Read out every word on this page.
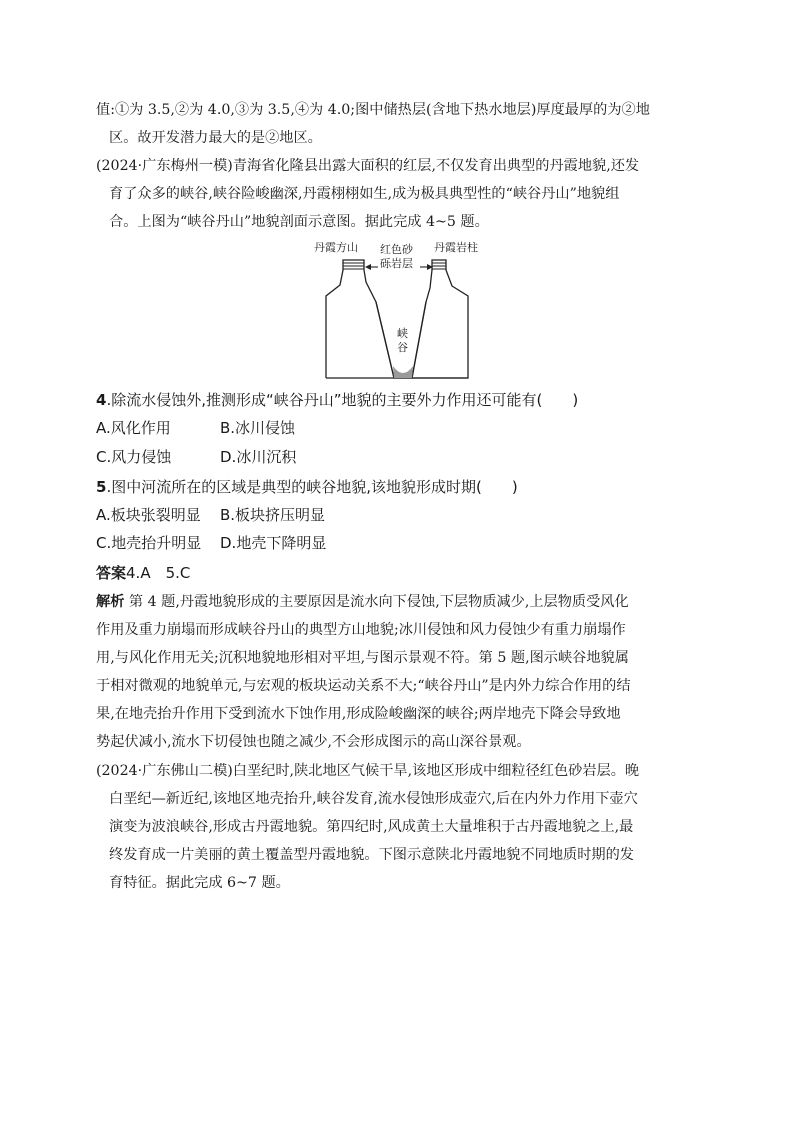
值:①为 3.5,②为 4.0,③为 3.5,④为 4.0;图中储热层(含地下热水地层)厚度最厚的为②地
区。故开发潜力最大的是②地区。
(2024·广东梅州一模)青海省化隆县出露大面积的红层,不仅发育出典型的丹霞地貌,还发
育了众多的峡谷,峡谷险峻幽深,丹霞栩栩如生,成为极具典型性的“峡谷丹山”地貌组
合。上图为“峡谷丹山”地貌剖面示意图。据此完成 4~5 题。
丹霞方山 红色砂
砾岩层
丹霞岩柱
峡
谷
4.除流水侵蚀外,推测形成“峡谷丹山”地貌的主要外力作用还可能有(　　)
A.风化作用	B.冰川侵蚀
C.风力侵蚀	D.冰川沉积
5.图中河流所在的区域是典型的峡谷地貌,该地貌形成时期(　　)
A.板块张裂明显 B.板块挤压明显
C.地壳抬升明显 D.地壳下降明显
答案4.A　5.C
解析 第 4 题,丹霞地貌形成的主要原因是流水向下侵蚀,下层物质减少,上层物质受风化
作用及重力崩塌而形成峡谷丹山的典型方山地貌;冰川侵蚀和风力侵蚀少有重力崩塌作
用,与风化作用无关;沉积地貌地形相对平坦,与图示景观不符。第 5 题,图示峡谷地貌属
于相对微观的地貌单元,与宏观的板块运动关系不大;“峡谷丹山”是内外力综合作用的结
果,在地壳抬升作用下受到流水下蚀作用,形成险峻幽深的峡谷;两岸地壳下降会导致地
势起伏减小,流水下切侵蚀也随之减少,不会形成图示的高山深谷景观。
(2024·广东佛山二模)白垩纪时,陕北地区气候干旱,该地区形成中细粒径红色砂岩层。晚
白垩纪—新近纪,该地区地壳抬升,峡谷发育,流水侵蚀形成壶穴,后在内外力作用下壶穴
演变为波浪峡谷,形成古丹霞地貌。第四纪时,风成黄土大量堆积于古丹霞地貌之上,最
终发育成一片美丽的黄土覆盖型丹霞地貌。下图示意陕北丹霞地貌不同地质时期的发
育特征。据此完成 6~7 题。
